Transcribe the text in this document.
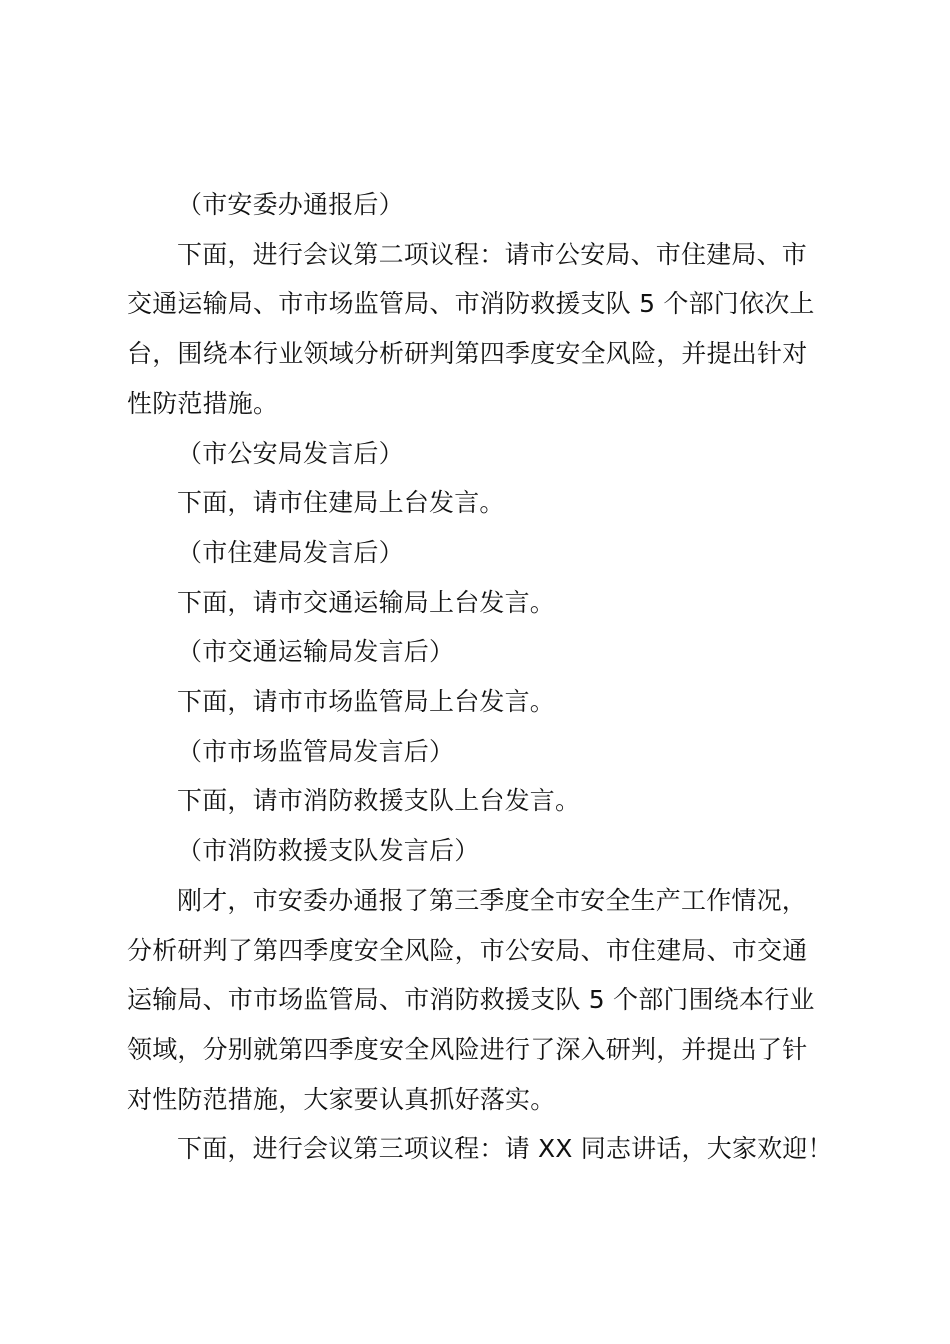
（市安委办通报后）

下面，进行会议第二项议程：请市公安局、市住建局、市
交通运输局、市市场监管局、市消防救援支队 5 个部门依次上
台，围绕本行业领域分析研判第四季度安全风险，并提出针对
性防范措施。

（市公安局发言后）

下面，请市住建局上台发言。

（市住建局发言后）

下面，请市交通运输局上台发言。

（市交通运输局发言后）

下面，请市市场监管局上台发言。

（市市场监管局发言后）

下面，请市消防救援支队上台发言。

（市消防救援支队发言后）

刚才，市安委办通报了第三季度全市安全生产工作情况，
分析研判了第四季度安全风险，市公安局、市住建局、市交通
运输局、市市场监管局、市消防救援支队 5 个部门围绕本行业
领域，分别就第四季度安全风险进行了深入研判，并提出了针
对性防范措施，大家要认真抓好落实。

下面，进行会议第三项议程：请 XX 同志讲话，大家欢迎！
